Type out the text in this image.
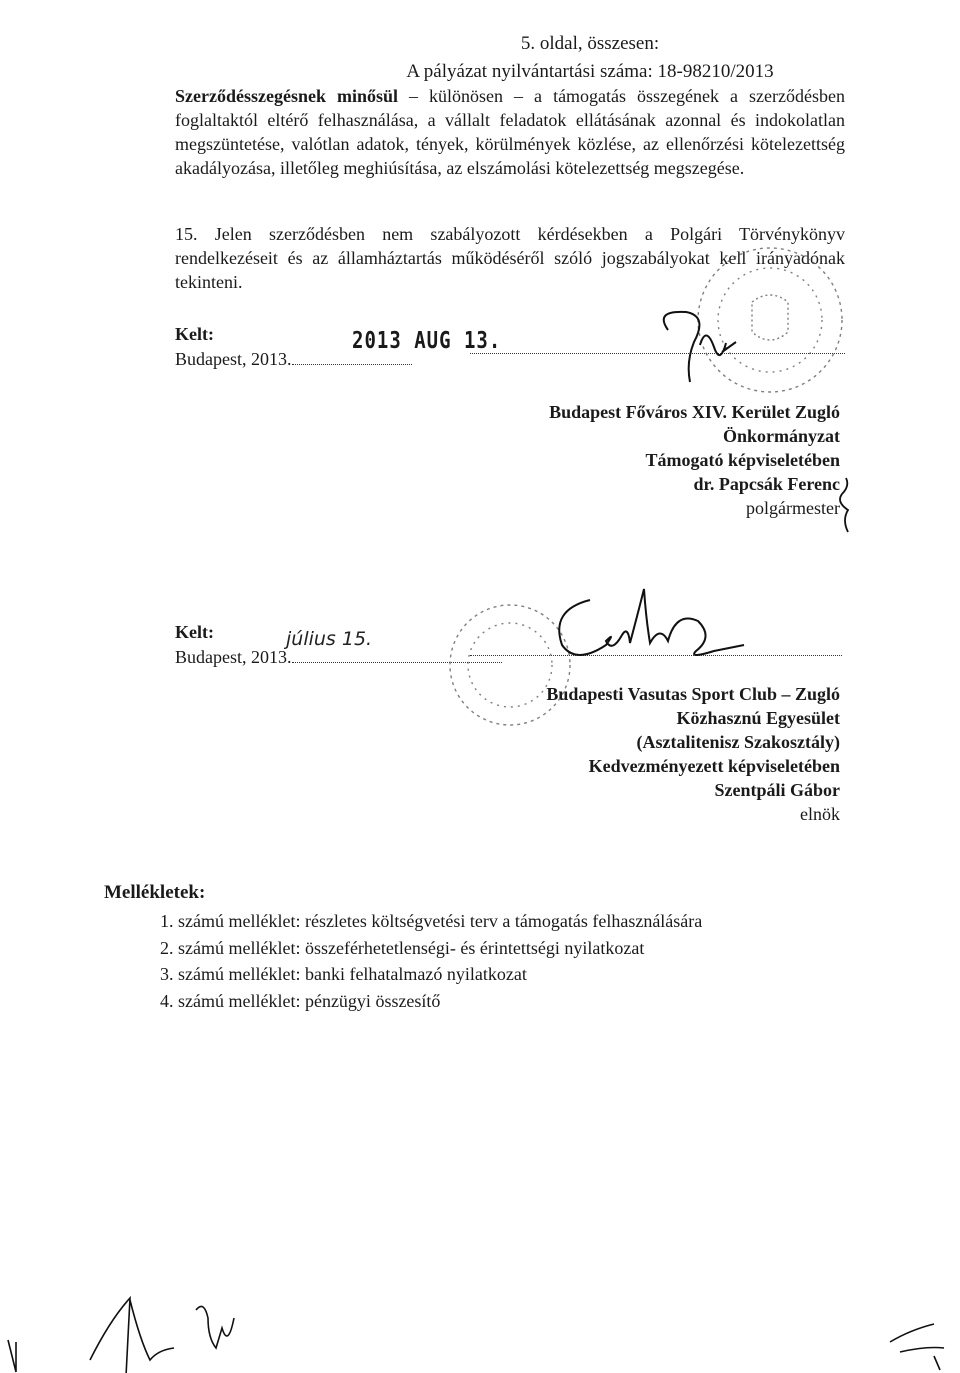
5. oldal, összesen:
A pályázat nyilvántartási száma: 18-98210/2013
Szerződésszegésnek minősül – különösen – a támogatás összegének a szerződésben foglaltaktól eltérő felhasználása, a vállalt feladatok ellátásának azonnal és indokolatlan megszüntetése, valótlan adatok, tények, körülmények közlése, az ellenőrzési kötelezettség akadályozása, illetőleg meghiúsítása, az elszámolási kötelezettség megszegése.
15. Jelen szerződésben nem szabályozott kérdésekben a Polgári Törvénykönyv rendelkezéseit és az államháztartás működéséről szóló jogszabályokat kell irányadónak tekinteni.
Kelt:
Budapest, 2013.
2013 AUG 13.
Budapest Főváros XIV. Kerület Zugló
Önkormányzat
Támogató képviseletében
dr. Papcsák Ferenc
polgármester
Kelt:
Budapest, 2013.
július 15.
Budapesti Vasutas Sport Club – Zugló
Közhasznú Egyesület
(Asztalitenisz Szakosztály)
Kedvezményezett képviseletében
Szentpáli Gábor
elnök
Mellékletek:
1. számú melléklet: részletes költségvetési terv a támogatás felhasználására
2. számú melléklet: összeférhetetlenségi- és érintettségi nyilatkozat
3. számú melléklet: banki felhatalmazó nyilatkozat
4. számú melléklet: pénzügyi összesítő
